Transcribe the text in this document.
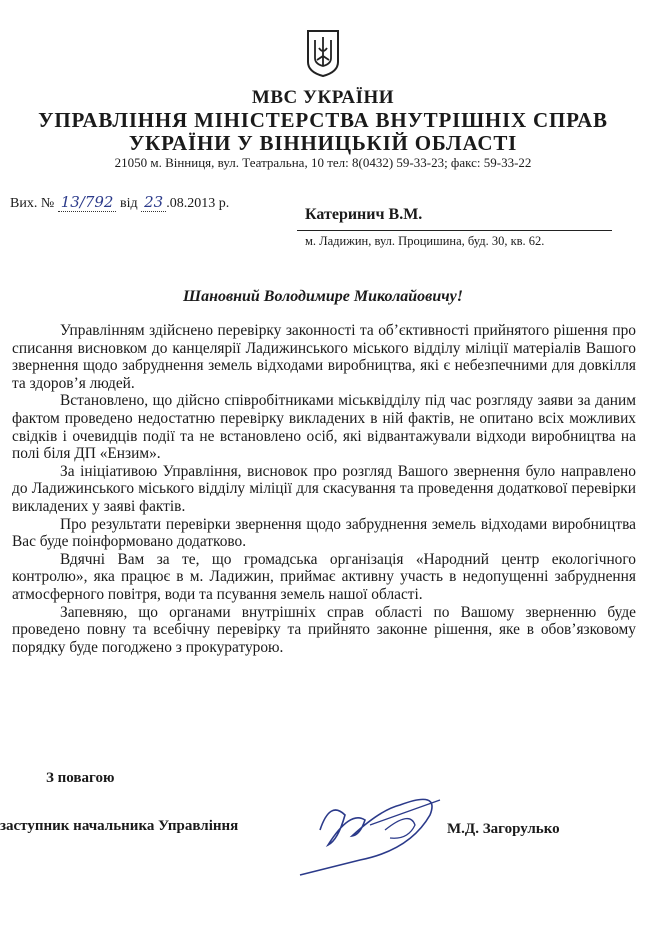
МВС УКРАЇНИ
УПРАВЛІННЯ МІНІСТЕРСТВА ВНУТРІШНІХ СПРАВ
УКРАЇНИ У ВІННИЦЬКІЙ ОБЛАСТІ
21050 м. Вінниця, вул. Театральна, 10 тел: 8(0432) 59-33-23; факс: 59-33-22
Вих. № 13/792 від 23 .08.2013 р.
Катеринич В.М.
м. Ладижин, вул. Процишина, буд. 30, кв. 62.
Шановний Володимире Миколайовичу!

Управлінням здійснено перевірку законності та об’єктивності прийнятого рішення про списання висновком до канцелярії Ладижинського міського відділу міліції матеріалів Вашого звернення щодо забруднення земель відходами виробництва, які є небезпечними для довкілля та здоров’я людей.

Встановлено, що дійсно співробітниками міськвідділу під час розгляду заяви за даним фактом проведено недостатню перевірку викладених в ній фактів, не опитано всіх можливих свідків і очевидців події та не встановлено осіб, які відвантажували відходи виробництва на полі біля ДП «Ензим».

За ініціативою Управління, висновок про розгляд Вашого звернення було направлено до Ладижинського міського відділу міліції для скасування та проведення додаткової перевірки викладених у заяві фактів.

Про результати перевірки звернення щодо забруднення земель відходами виробництва Вас буде поінформовано додатково.

Вдячні Вам за те, що громадська організація «Народний центр екологічного контролю», яка працює в м. Ладижин, приймає активну участь в недопущенні забруднення атмосферного повітря, води та псування земель нашої області.

Запевняю, що органами внутрішніх справ області по Вашому зверненню буде проведено повну та всебічну перевірку та прийнято законне рішення, яке в обов’язковому порядку буде погоджено з прокуратурою.

З повагою
заступник начальника Управління	М.Д. Загорулько
